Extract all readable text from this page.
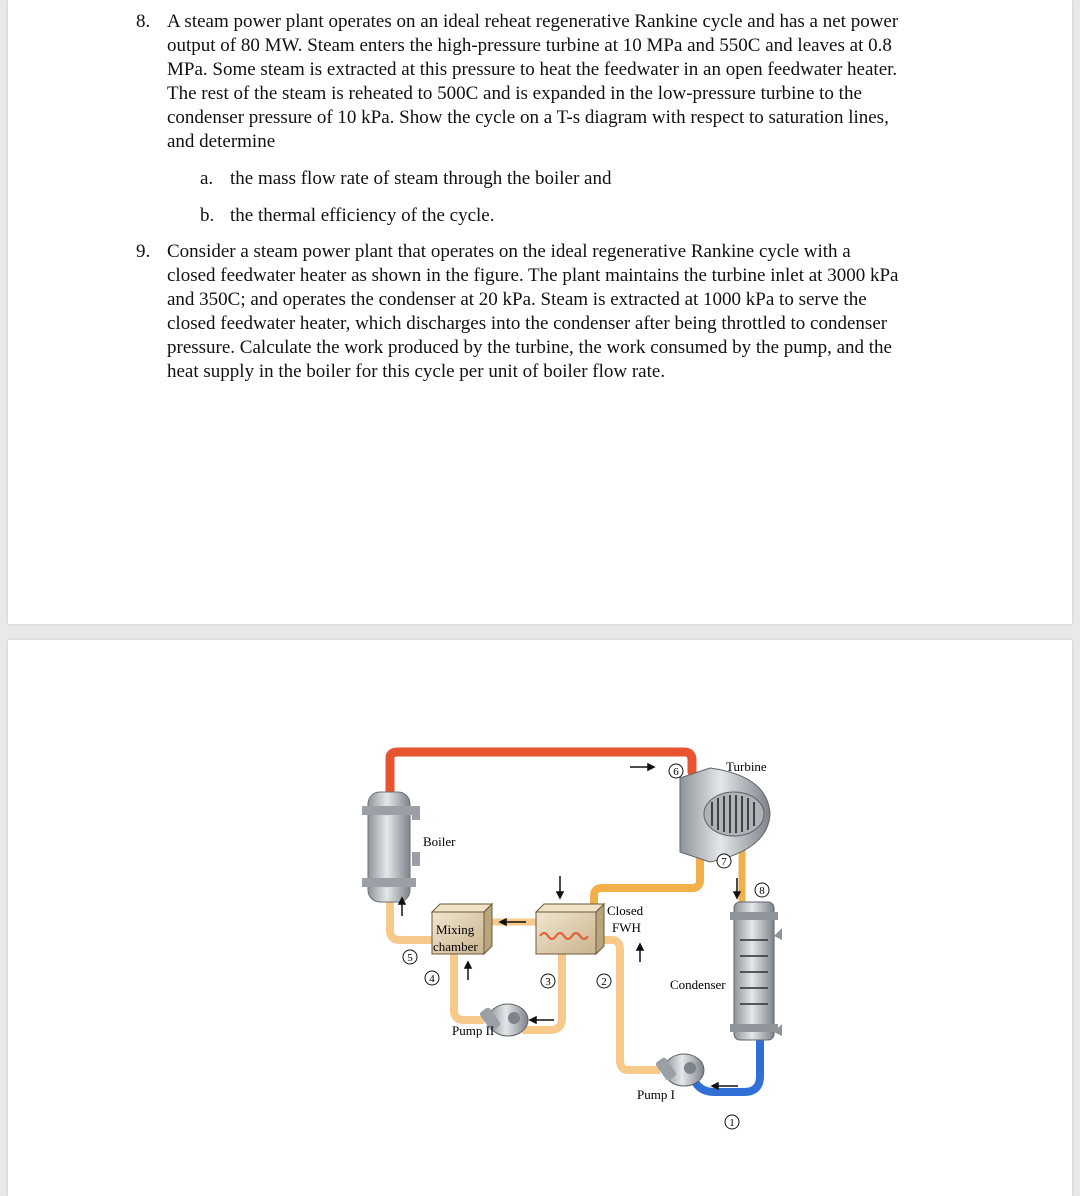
8. A steam power plant operates on an ideal reheat regenerative Rankine cycle and has a net power
output of 80 MW. Steam enters the high-pressure turbine at 10 MPa and 550C and leaves at 0.8
MPa. Some steam is extracted at this pressure to heat the feedwater in an open feedwater heater.
The rest of the steam is reheated to 500C and is expanded in the low-pressure turbine to the
condenser pressure of 10 kPa. Show the cycle on a T-s diagram with respect to saturation lines,
and determine
a. the mass flow rate of steam through the boiler and
b. the thermal efficiency of the cycle.
9. Consider a steam power plant that operates on the ideal regenerative Rankine cycle with a
closed feedwater heater as shown in the figure. The plant maintains the turbine inlet at 3000 kPa
and 350C; and operates the condenser at 20 kPa. Steam is extracted at 1000 kPa to serve the
closed feedwater heater, which discharges into the condenser after being throttled to condenser
pressure. Calculate the work produced by the turbine, the work consumed by the pump, and the
heat supply in the boiler for this cycle per unit of boiler flow rate.
Boiler
Turbine
Mixing
chamber
Closed
FWH
Condenser
Pump II
Pump I
1
2
3
4
5
6
7
8
